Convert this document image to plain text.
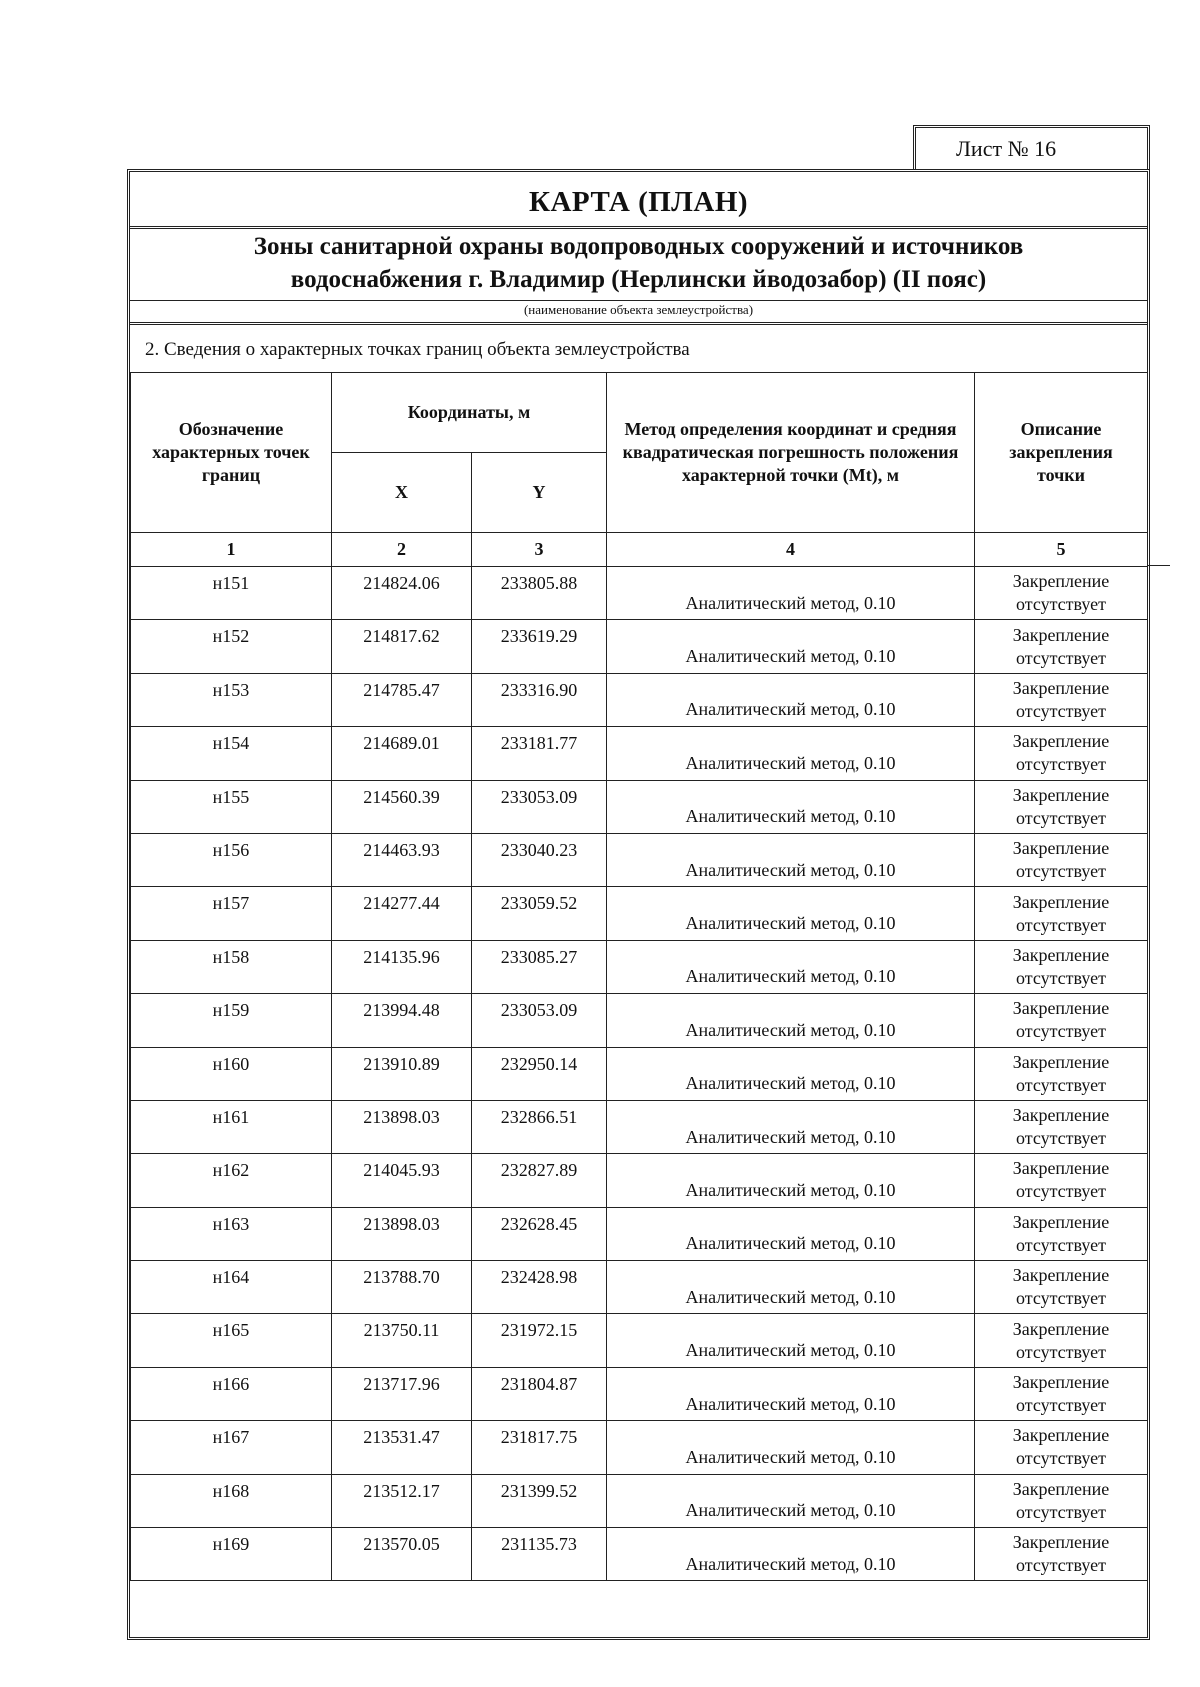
Лист № 16
КАРТА (ПЛАН)
Зоны санитарной охраны водопроводных сооружений и источников
водоснабжения г. Владимир (Нерлински йводозабор) (II пояс)
(наименование объекта землеустройства)
2. Сведения о характерных точках границ объекта землеустройства
Обозначение характерных точек границ	Координаты, м		Метод определения координат и средняя квадратическая погрешность положения характерной точки (Mt), м	Описание закрепления точки
	X	Y		
1	2	3	4	5
н151	214824.06	233805.88	Аналитический метод, 0.10	Закрепление
отсутствует

н152	214817.62	233619.29	Аналитический метод, 0.10	Закрепление
отсутствует

н153	214785.47	233316.90	Аналитический метод, 0.10	Закрепление
отсутствует

н154	214689.01	233181.77	Аналитический метод, 0.10	Закрепление
отсутствует

н155	214560.39	233053.09	Аналитический метод, 0.10	Закрепление
отсутствует

н156	214463.93	233040.23	Аналитический метод, 0.10	Закрепление
отсутствует

н157	214277.44	233059.52	Аналитический метод, 0.10	Закрепление
отсутствует

н158	214135.96	233085.27	Аналитический метод, 0.10	Закрепление
отсутствует

н159	213994.48	233053.09	Аналитический метод, 0.10	Закрепление
отсутствует

н160	213910.89	232950.14	Аналитический метод, 0.10	Закрепление
отсутствует

н161	213898.03	232866.51	Аналитический метод, 0.10	Закрепление
отсутствует

н162	214045.93	232827.89	Аналитический метод, 0.10	Закрепление
отсутствует

н163	213898.03	232628.45	Аналитический метод, 0.10	Закрепление
отсутствует

н164	213788.70	232428.98	Аналитический метод, 0.10	Закрепление
отсутствует

н165	213750.11	231972.15	Аналитический метод, 0.10	Закрепление
отсутствует

н166	213717.96	231804.87	Аналитический метод, 0.10	Закрепление
отсутствует

н167	213531.47	231817.75	Аналитический метод, 0.10	Закрепление
отсутствует

н168	213512.17	231399.52	Аналитический метод, 0.10	Закрепление
отсутствует

н169	213570.05	231135.73	Аналитический метод, 0.10	Закрепление
отсутствует
